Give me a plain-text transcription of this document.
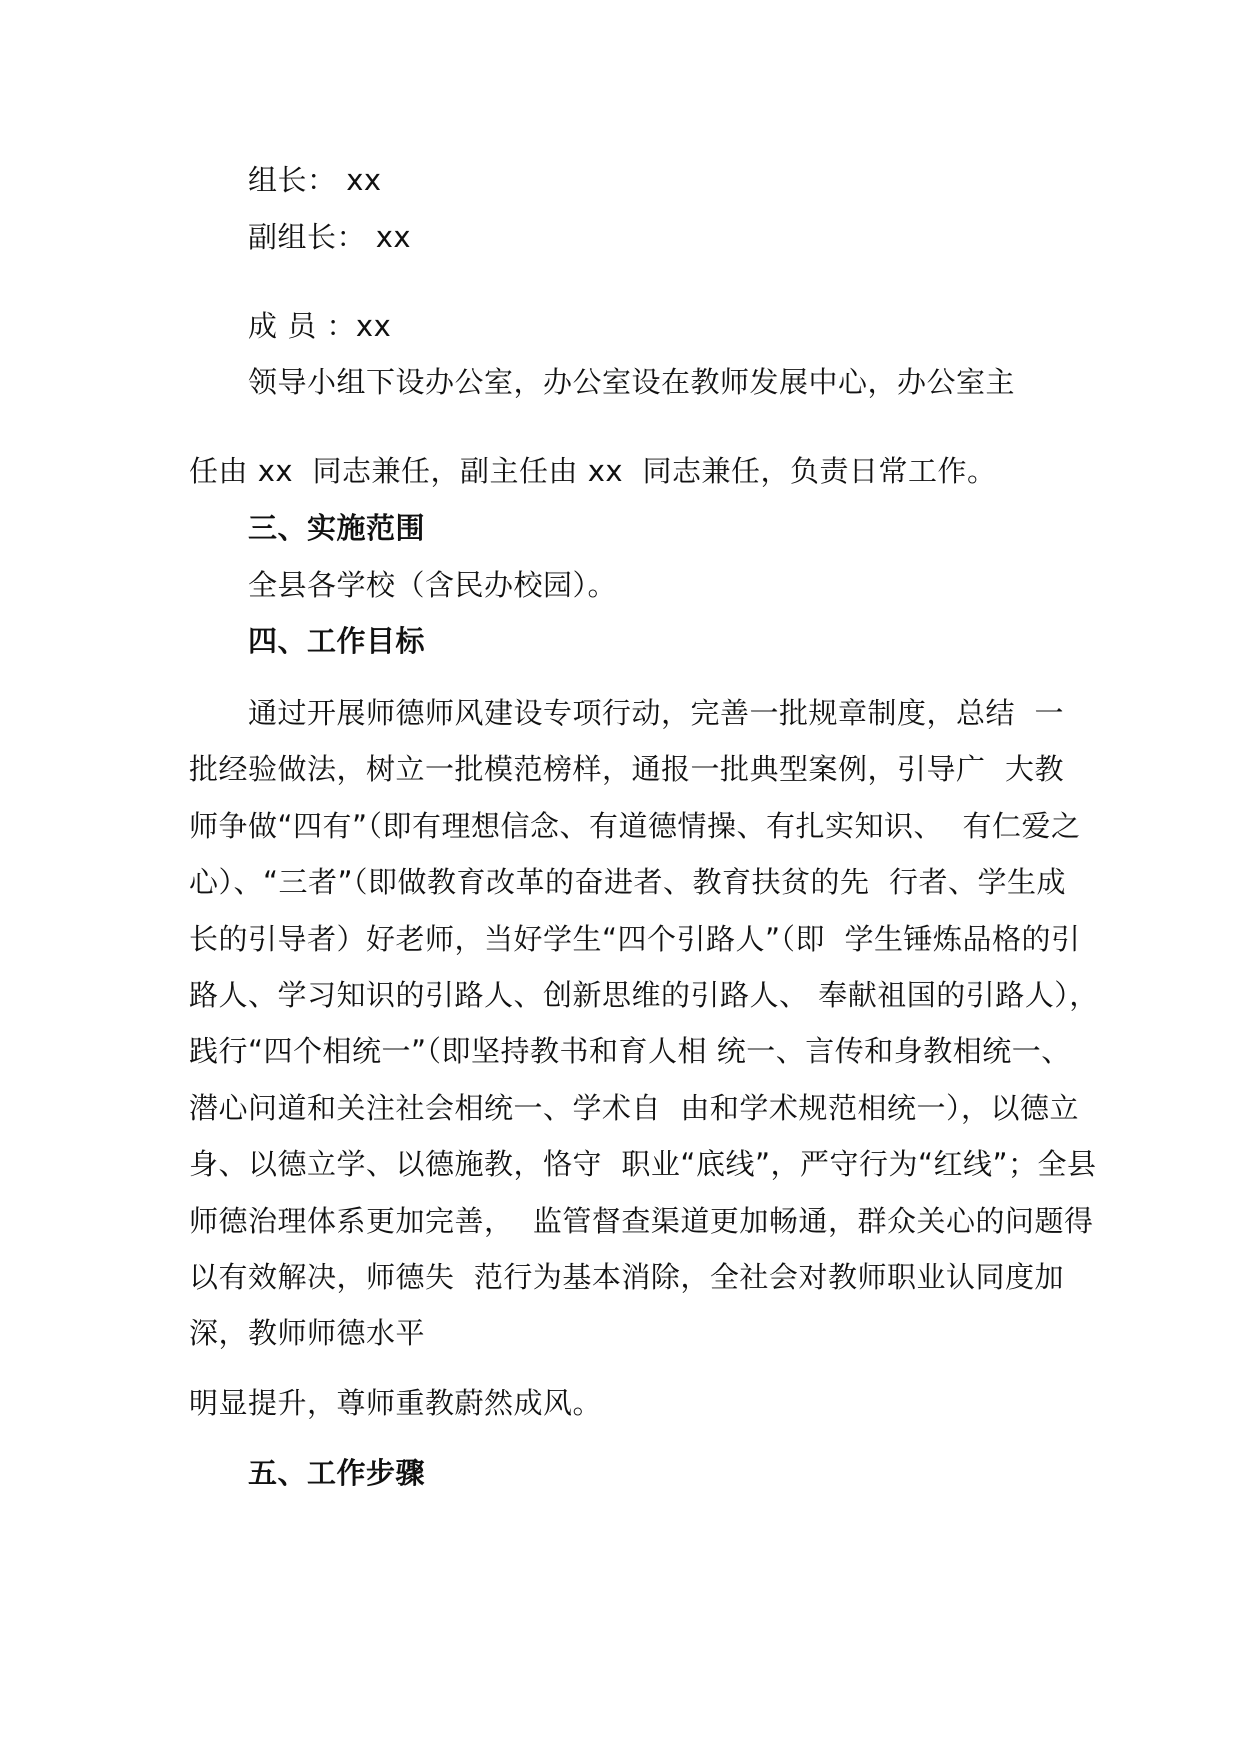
组长： xx
副组长： xx
成 员 ：xx
领导小组下设办公室，办公室设在教师发展中心，办公室主
任由 xx  同志兼任，副主任由 xx  同志兼任，负责日常工作。
三、实施范围
全县各学校（含民办校园）。
四、工作目标
通过开展师德师风建设专项行动，完善一批规章制度，总结  一
批经验做法，树立一批模范榜样，通报一批典型案例，引导广  大教
师争做“四有”（即有理想信念、有道德情操、有扎实知识、  有仁爱之
心）、“三者”（即做教育改革的奋进者、教育扶贫的先  行者、学生成
长的引导者）好老师，当好学生“四个引路人”（即  学生锤炼品格的引
路人、学习知识的引路人、创新思维的引路人、 奉献祖国的引路人），
践行“四个相统一”（即坚持教书和育人相 统一、言传和身教相统一、
潜心问道和关注社会相统一、学术自  由和学术规范相统一），以德立
身、以德立学、以德施教，恪守  职业“底线”，严守行为“红线”；全县
师德治理体系更加完善，  监管督查渠道更加畅通，群众关心的问题得
以有效解决，师德失  范行为基本消除，全社会对教师职业认同度加
深，教师师德水平
明显提升，尊师重教蔚然成风。
五、工作步骤
